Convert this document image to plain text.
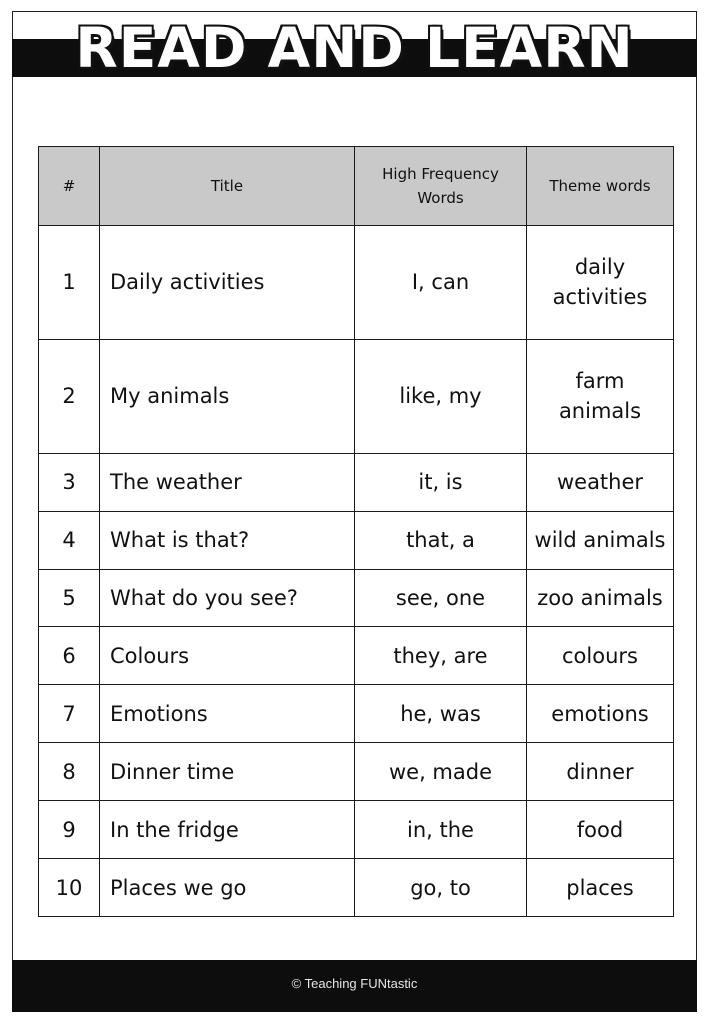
READ AND LEARN
#	Title	High Frequency Words	Theme words
1	Daily activities	I, can	daily activities
2	My animals	like, my	farm animals
3	The weather	it, is	weather
4	What is that?	that, a	wild animals
5	What do you see?	see, one	zoo animals
6	Colours	they, are	colours
7	Emotions	he, was	emotions
8	Dinner time	we, made	dinner
9	In the fridge	in, the	food
10	Places we go	go, to	places
© Teaching FUNtastic
